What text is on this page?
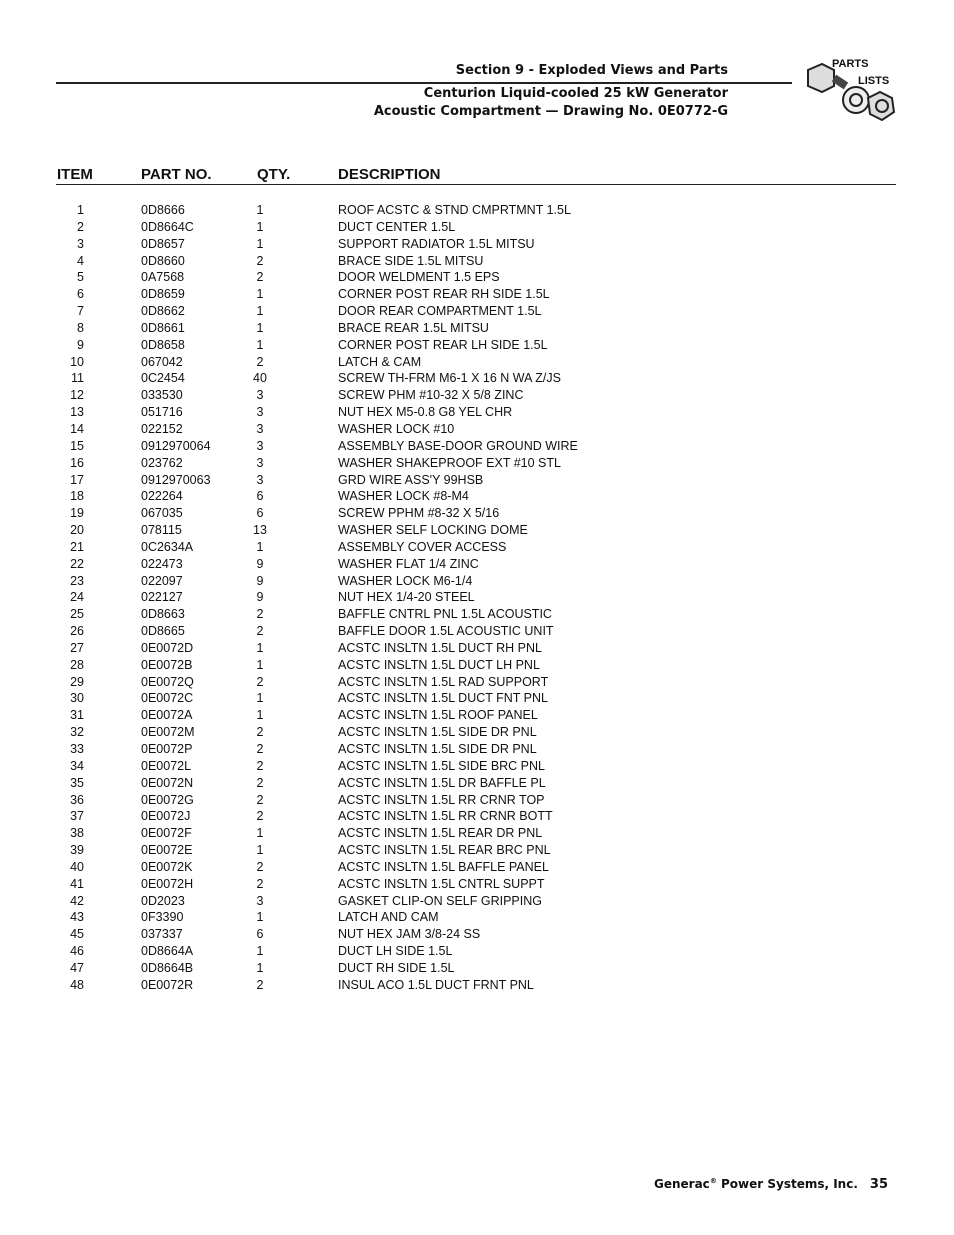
Section 9 - Exploded Views and Parts
Centurion Liquid-cooled 25 kW Generator
Acoustic Compartment — Drawing No. 0E0772-G
PARTS
LISTS
ITEM	PART NO.	QTY.	DESCRIPTION
1	0D8666	1	ROOF ACSTC & STND CMPRTMNT 1.5L
2	0D8664C	1	DUCT CENTER 1.5L
3	0D8657	1	SUPPORT RADIATOR 1.5L MITSU
4	0D8660	2	BRACE SIDE 1.5L MITSU
5	0A7568	2	DOOR WELDMENT 1.5 EPS
6	0D8659	1	CORNER POST REAR RH SIDE 1.5L
7	0D8662	1	DOOR REAR COMPARTMENT 1.5L
8	0D8661	1	BRACE REAR 1.5L MITSU
9	0D8658	1	CORNER POST REAR LH SIDE 1.5L
10	067042	2	LATCH & CAM
11	0C2454	40	SCREW TH-FRM M6-1 X 16 N WA Z/JS
12	033530	3	SCREW PHM #10-32 X 5/8 ZINC
13	051716	3	NUT HEX M5-0.8 G8 YEL CHR
14	022152	3	WASHER LOCK #10
15	0912970064	3	ASSEMBLY BASE-DOOR GROUND WIRE
16	023762	3	WASHER SHAKEPROOF EXT #10 STL
17	0912970063	3	GRD WIRE ASS'Y 99HSB
18	022264	6	WASHER LOCK #8-M4
19	067035	6	SCREW PPHM #8-32 X 5/16
20	078115	13	WASHER SELF LOCKING DOME
21	0C2634A	1	ASSEMBLY COVER ACCESS
22	022473	9	WASHER FLAT 1/4 ZINC
23	022097	9	WASHER LOCK M6-1/4
24	022127	9	NUT HEX 1/4-20 STEEL
25	0D8663	2	BAFFLE CNTRL PNL 1.5L ACOUSTIC
26	0D8665	2	BAFFLE DOOR 1.5L ACOUSTIC UNIT
27	0E0072D	1	ACSTC INSLTN 1.5L DUCT RH PNL
28	0E0072B	1	ACSTC INSLTN 1.5L DUCT LH PNL
29	0E0072Q	2	ACSTC INSLTN 1.5L RAD SUPPORT
30	0E0072C	1	ACSTC INSLTN 1.5L DUCT FNT PNL
31	0E0072A	1	ACSTC INSLTN 1.5L ROOF PANEL
32	0E0072M	2	ACSTC INSLTN 1.5L SIDE DR PNL
33	0E0072P	2	ACSTC INSLTN 1.5L SIDE DR PNL
34	0E0072L	2	ACSTC INSLTN 1.5L SIDE BRC PNL
35	0E0072N	2	ACSTC INSLTN 1.5L DR BAFFLE PL
36	0E0072G	2	ACSTC INSLTN 1.5L RR CRNR TOP
37	0E0072J	2	ACSTC INSLTN 1.5L RR CRNR BOTT
38	0E0072F	1	ACSTC INSLTN 1.5L REAR DR PNL
39	0E0072E	1	ACSTC INSLTN 1.5L REAR BRC PNL
40	0E0072K	2	ACSTC INSLTN 1.5L BAFFLE PANEL
41	0E0072H	2	ACSTC INSLTN 1.5L CNTRL SUPPT
42	0D2023	3	GASKET CLIP-ON SELF GRIPPING
43	0F3390	1	LATCH AND CAM
45	037337	6	NUT HEX JAM 3/8-24 SS
46	0D8664A	1	DUCT LH SIDE 1.5L
47	0D8664B	1	DUCT RH SIDE 1.5L
48	0E0072R	2	INSUL ACO 1.5L DUCT FRNT PNL
Generac® Power Systems, Inc. 35
